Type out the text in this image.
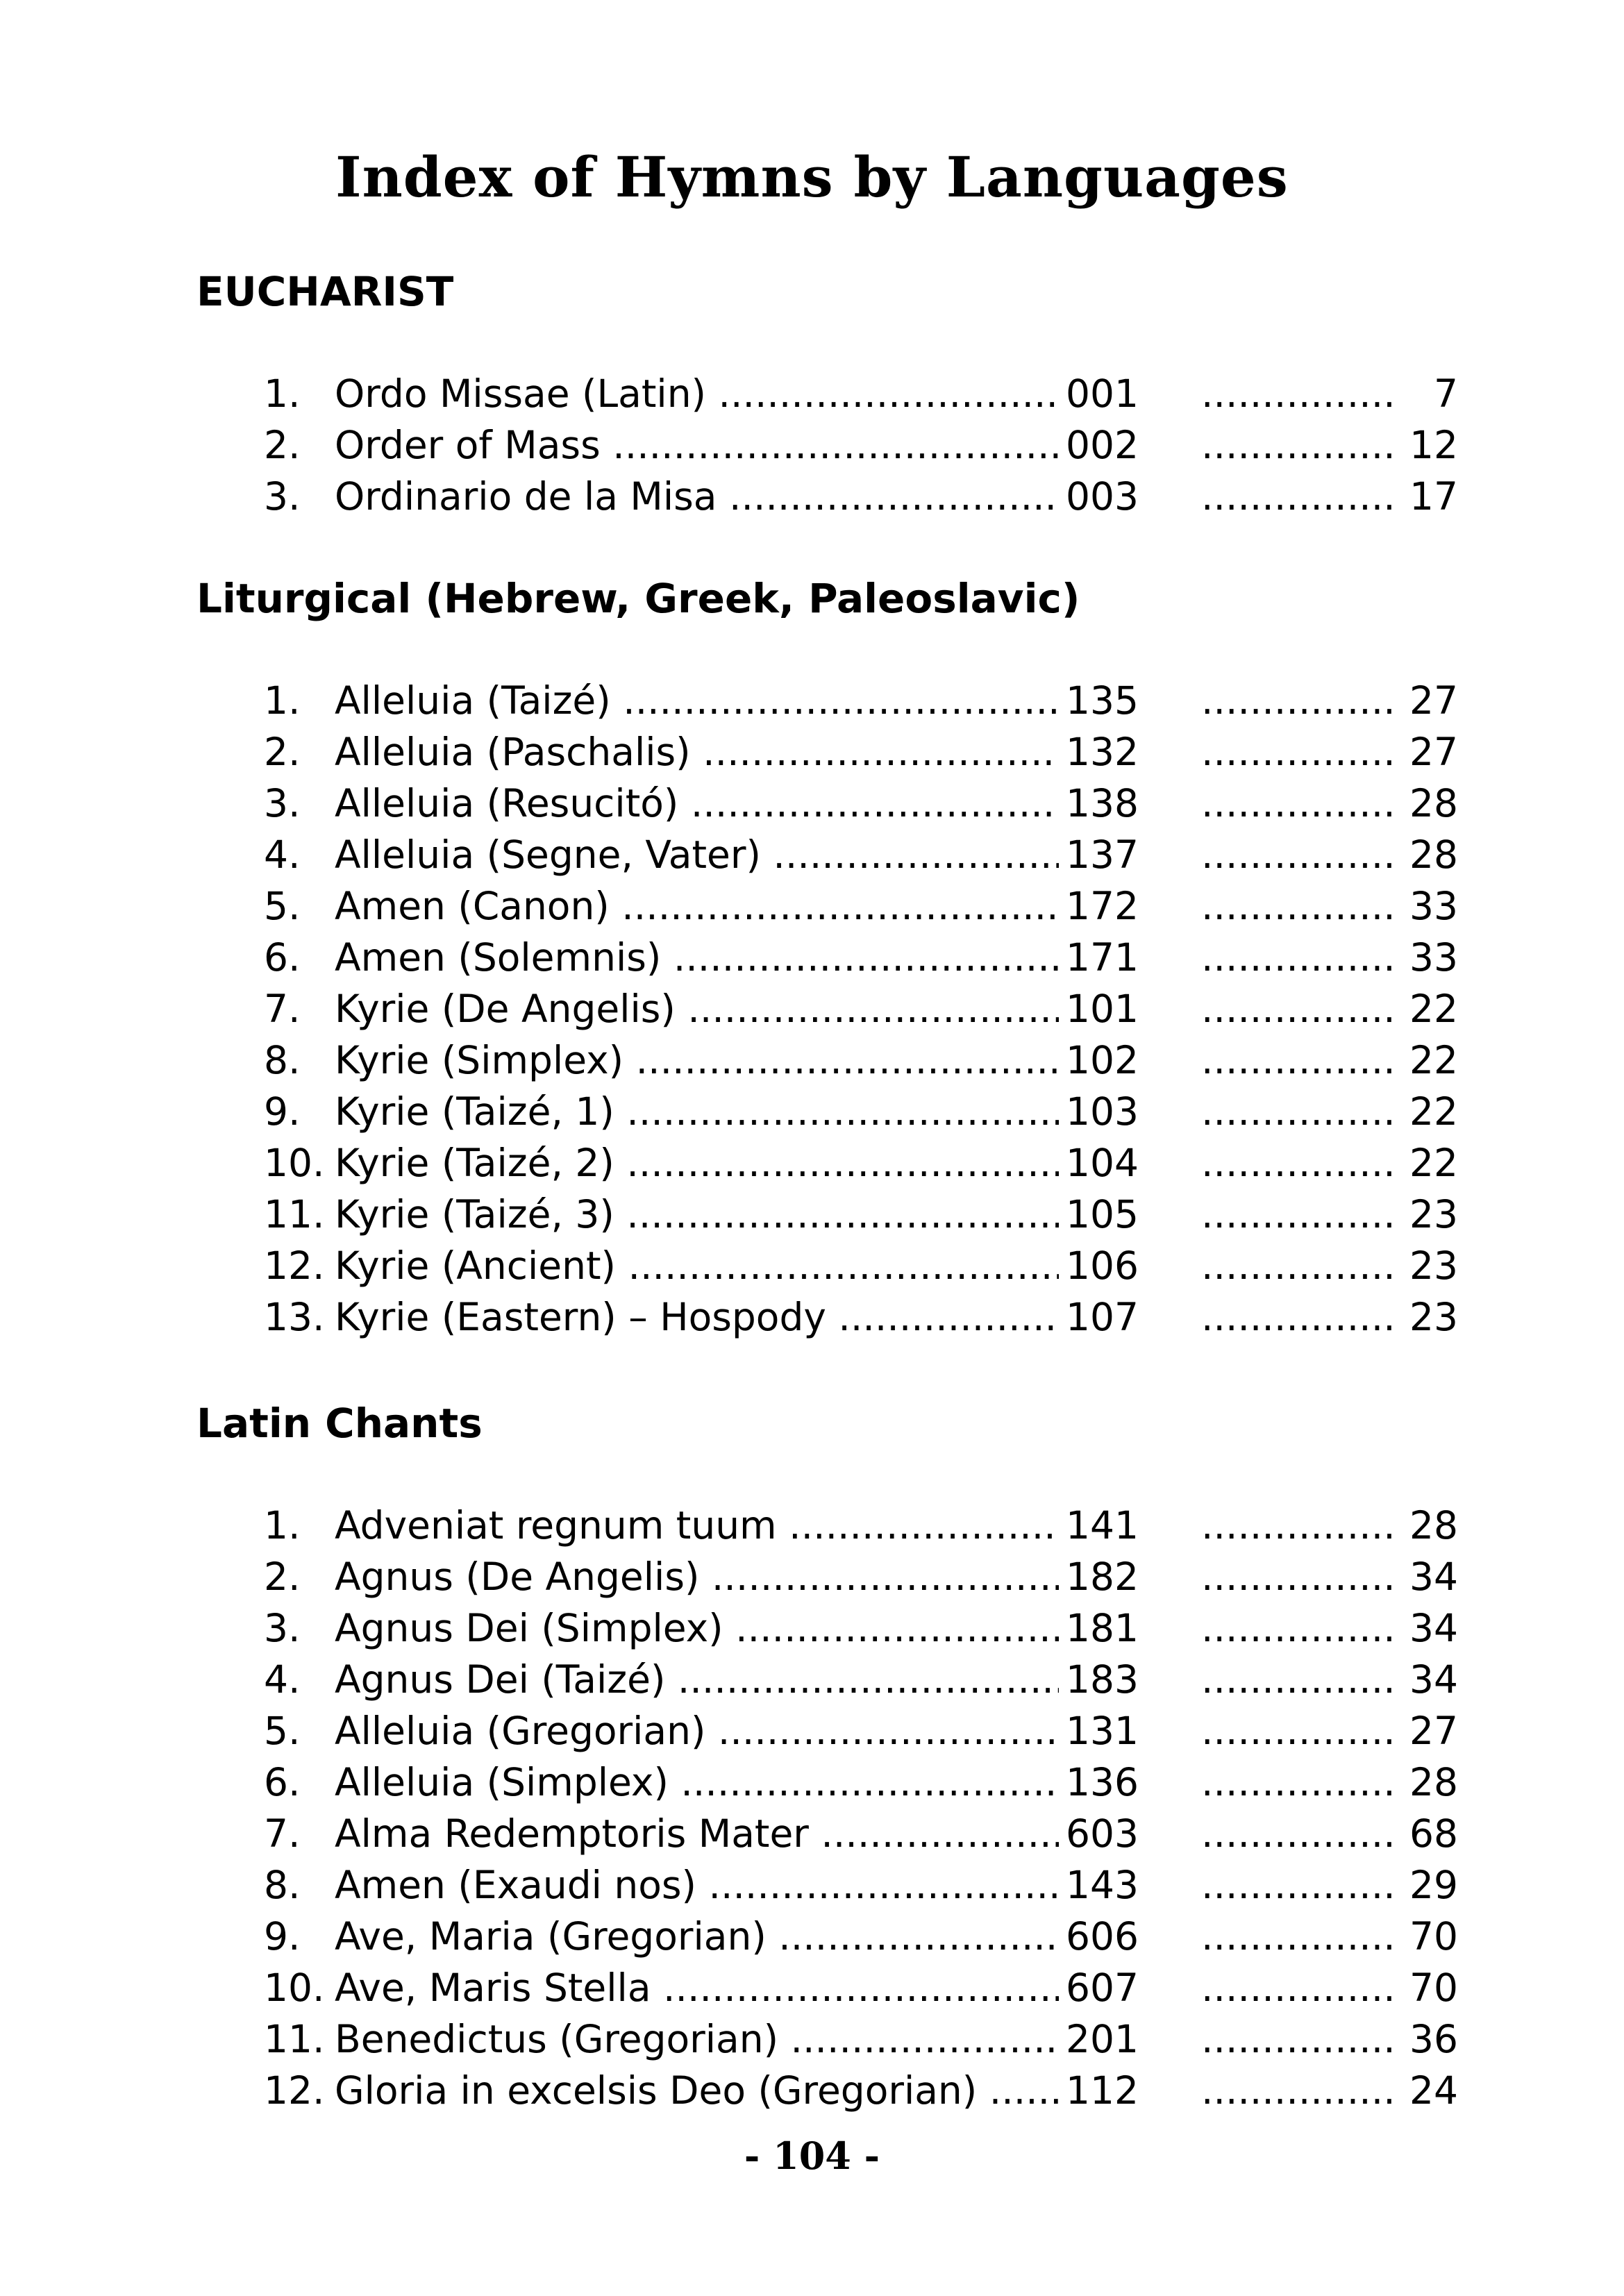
Index of Hymns by Languages
EUCHARIST
1. Ordo Missae (Latin) .....	001 .....	7
2. Order of Mass .....	002 .....	12
3. Ordinario de la Misa .....	003 .....	17
Liturgical (Hebrew, Greek, Paleoslavic)
1. Alleluia (Taizé) .....	135 .....	27
2. Alleluia (Paschalis) .....	132 .....	27
3. Alleluia (Resucitó) .....	138 .....	28
4. Alleluia (Segne, Vater) .....	137 .....	28
5. Amen (Canon) .....	172 .....	33
6. Amen (Solemnis) .....	171 .....	33
7. Kyrie (De Angelis) .....	101 .....	22
8. Kyrie (Simplex) .....	102 .....	22
9. Kyrie (Taizé, 1) .....	103 .....	22
10. Kyrie (Taizé, 2) .....	104 .....	22
11. Kyrie (Taizé, 3) .....	105 .....	23
12. Kyrie (Ancient) .....	106 .....	23
13. Kyrie (Eastern) – Hospody .....	107 .....	23
Latin Chants
1. Adveniat regnum tuum .....	141 .....	28
2. Agnus (De Angelis) .....	182 .....	34
3. Agnus Dei (Simplex) .....	181 .....	34
4. Agnus Dei (Taizé) .....	183 .....	34
5. Alleluia (Gregorian) .....	131 .....	27
6. Alleluia (Simplex) .....	136 .....	28
7. Alma Redemptoris Mater .....	603 .....	68
8. Amen (Exaudi nos) .....	143 .....	29
9. Ave, Maria (Gregorian) .....	606 .....	70
10. Ave, Maris Stella .....	607 .....	70
11. Benedictus (Gregorian) .....	201 .....	36
12. Gloria in excelsis Deo (Gregorian) .....	112 .....	24
- 104 -
